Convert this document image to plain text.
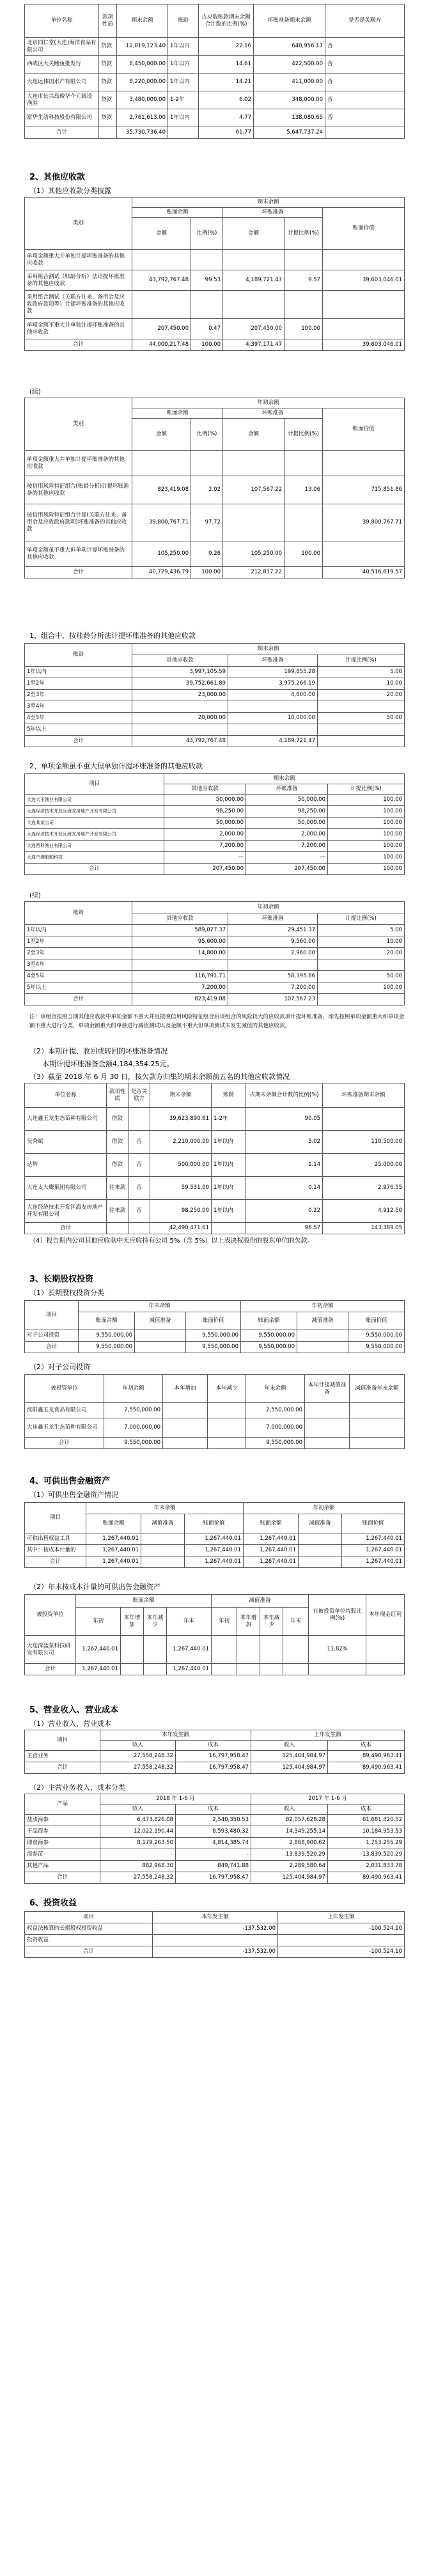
单位名称	款项性质	期末余额	账龄	占应收账款期末余额合计数的比例(%)	坏账准备期末余额	是否是关联方
北京同仁堂(大连)海洋食品有限公司	贷款	12,819,123.40	1年以内	22.16	640,956.17	否
西咸区大关鲍鱼批发行	贷款	8,450,000.00	1年以内	14.61	422,500.00	否
大连远伟国水产有限公司	贷款	8,220,000.00	1年以内	14.21	411,000.00	否
大连市长兴岛俊华个元阔设渔港	贷款	3,480,000.00	1-2年	6.02	348,000.00	否
富华生洁科技股份有限公司	贷款	2,761,613.00	1年以内	4.77	138,080.65	否
合计		35,730,736.40		61.77	5,647,737.24	
2、其他应收款
（1）其他应收款分类披露
类别	期末余额				
	账面余额		坏账准备		账面价值
	金额	比例(%)	金额	计提比例(%)	
单项金额重大并单独计提坏账准备的其他应收款					
采用组合测试（账龄分析）法计提坏账准备的其他应收款	43,792,767.48	99.53	4,189,721.47	9.57	39,603,046.01
采用组合测试（关联方往来、备用金及应收政府款项等）计提坏账准备的其他应收款					
单项金额不重大并单独计提坏账准备的其他应收款	207,450.00	0.47	207,450.00	100.00	
合计	44,000,217.48	100.00	4,397,171.47		39,603,046.01
(续)
类别	年初余额				
	账面余额		坏账准备		账面价值
	金额	比例(%)	金额	计提比例(%)	
单项金额重大并单独计提坏账准备的其他应收款					
按信用风险特征组合(账龄分析)计提坏账准备的其他应收款	823,419.08	2.02	107,567.22	13.06	715,851.86
按信用风险特征组合计提(关联方往来、备用金及应收政府款项)坏账准备的其他应收款	39,800,767.71	97.72			39,800,767.71
单项金额虽不重大但单项计提坏账准备的其他应收款	105,250.00	0.26	105,250.00	100.00	
合计	40,729,436.79	100.00	212,817.22		40,516,619.57
1、组合中，按账龄分析法计提坏账准备的其他应收款
账龄	期末余额		
	其他应收款	坏账准备	计提比例(%)
1年以内	3,997,105.59	199,855.28	5.00
1至2年	39,752,661.89	3,975,266.19	10.00
2至3年	23,000.00	4,600.00	20.00
3至4年			
4至5年	20,000.00	10,000.00	50.00
5年以上			
合计	43,792,767.48	4,189,721.47	
2、单项金额虽不重大但单独计提坏账准备的其他应收款
项目	期末余额		
	其他应收款	坏账准备	计提比例(%)
大连大玉渔业有限公司	50,000.00	50,000.00	100.00
大连经济技术开发区海友房地产开发有限公司	98,250.00	98,250.00	100.00
大连某某公司	50,000.00	50,000.00	100.00
大连经济技术开发区海友房地产开发有限公司	2,000.00	2,000.00	100.00
大连西科渔业有限公司	7,200.00	7,200.00	100.00
大连中港船舶科技	—	—	100.00
合计	207,450.00	207,450.00	100.00
(续)
账龄	年初余额		
	其他应收款	坏账准备	计提比例(%)
1年以内	589,027.37	29,451.37	5.00
1至2年	95,600.00	9,560.00	10.00
2至3年	14,800.00	2,960.00	20.00
3至4年			
4至5年	116,791.71	58,395.86	50.00
5年以上	7,200.00	7,200.00	100.00
合计	823,419.08	107,567.23	
注：该组合按照当期其他应收款中单项金额不重大并且按照信用风险特征组合后该组合的风险较大的应收款项计提坏账准备，即先按照单项金额重大和单项金额不重大进行分类，单项金额重大的单独进行减值测试以及金额不重大但单项测试未发生减值的其他应收款。
（2）本期计提、收回或转回的坏账准备情况
本期计提坏账准备金额4,184,354.25元。
（3）截至 2018 年 6 月 30 日，按欠款方归集的期末余额前五名的其他应收款情况
单位名称	款项性质	是否关联方	期末余额	账龄	占期末余额合计数的比例(%)	坏账准备期末余额
大连鑫玉龙生态苗种有限公司	借款		39,623,890.61	1-2年	90.05	
吴秀斌	借款	否	2,210,000.00	1年以内	5.02	110,500.00
达辉	借款	否	500,000.00	1年以内	1.14	25,000.00
大连太大鹰集团有限公司	往来款	否	59,531.00	1年以内	0.14	2,976.55
大连经济技术开发区海友房地产开发有限公司	往来款	否	98,250.00	1年以内	0.22	4,912.50
合计			42,490,471.61		96.57	143,389.05
（4）报告期内公司其他应收款中无应收持有公司 5%（含 5%）以上表决权股份的股东单位的欠款。
3、长期股权投资
（1）长期股权投资分类
项目	年末余额			年初余额		
	账面余额	减值准备	账面价值	账面余额	减值准备	账面价值
对子公司投资	9,550,000.00		9,550,000.00	9,550,000.00		9,550,000.00
合计	9,550,000.00		9,550,000.00	9,550,000.00		9,550,000.00
（2）对子公司投资
被投资单位	年初余额	本年增加	本年减少	年末余额	本年计提减值准备	减值准备年末余额
沈阳鑫玉龙食品有限公司	2,550,000.00			2,550,000.00		
大连鑫玉龙生态苗种有限公司	7,000,000.00			7,000,000.00		
合计	9,550,000.00			9,550,000.00		
4、可供出售金融资产
（1）可供出售金融资产情况
项目	年末余额			年初余额		
	账面余额	减值准备	账面价值	账面余额	减值准备	账面价值
可供出售权益工具	1,267,440.01		1,267,440.01	1,267,440.01		1,267,440.01
其中：按成本计量的	1,267,440.01		1,267,440.01	1,267,440.01		1,267,440.01
合计	1,267,440.01		1,267,440.01	1,267,440.01		1,267,440.01
（2）年末按成本计量的可供出售金融资产
被投资单位	账面余额				减值准备				在被投资单位持股比例(%)	本年现金红利
	年初	本年增加	本年减少	年末	年初	本年增加	本年减少	年末		
大连深蓝泵科技研发有限公司	1,267,440.01			1,267,440.01					11.82%	
合计	1,267,440.01			1,267,440.01						
5、营业收入、营业成本
（1）营业收入、营业成本
项目	本年发生额		上年发生额	
	收入	成本	收入	成本
主营业务	27,558,248.32	16,797,958.47	125,404,984.97	89,490,963.41
合计	27,558,248.32	16,797,958.47	125,404,984.97	89,490,963.41
（2）主营业务收入、成本分类
产品	2018 年 1-6 月		2017 年 1-6 月	
	收入	成本	收入	成本
盐渍海参	6,473,826.08	2,540,350.53	82,057,628.28	61,681,420.52
干品海参	12,022,190.44	8,593,480.32	14,349,255.14	10,184,953.53
即食海参	8,179,263.50	4,814,385.74	2,868,900.62	1,753,255.29
海参苗	-	-	13,839,520.29	13,839,520.29
其他产品	882,968.30	849,741.88	2,289,580.64	2,031,833.78
合计	27,558,248.32	16,797,958.47	125,404,984.97	89,490,963.41
6、投资收益
项目	本年发生额	上年发生额
权益法核算的长期股权投资收益	-137,532.00	-100,524.10
投资收益		
合计	-137,532.00	-100,524.10
